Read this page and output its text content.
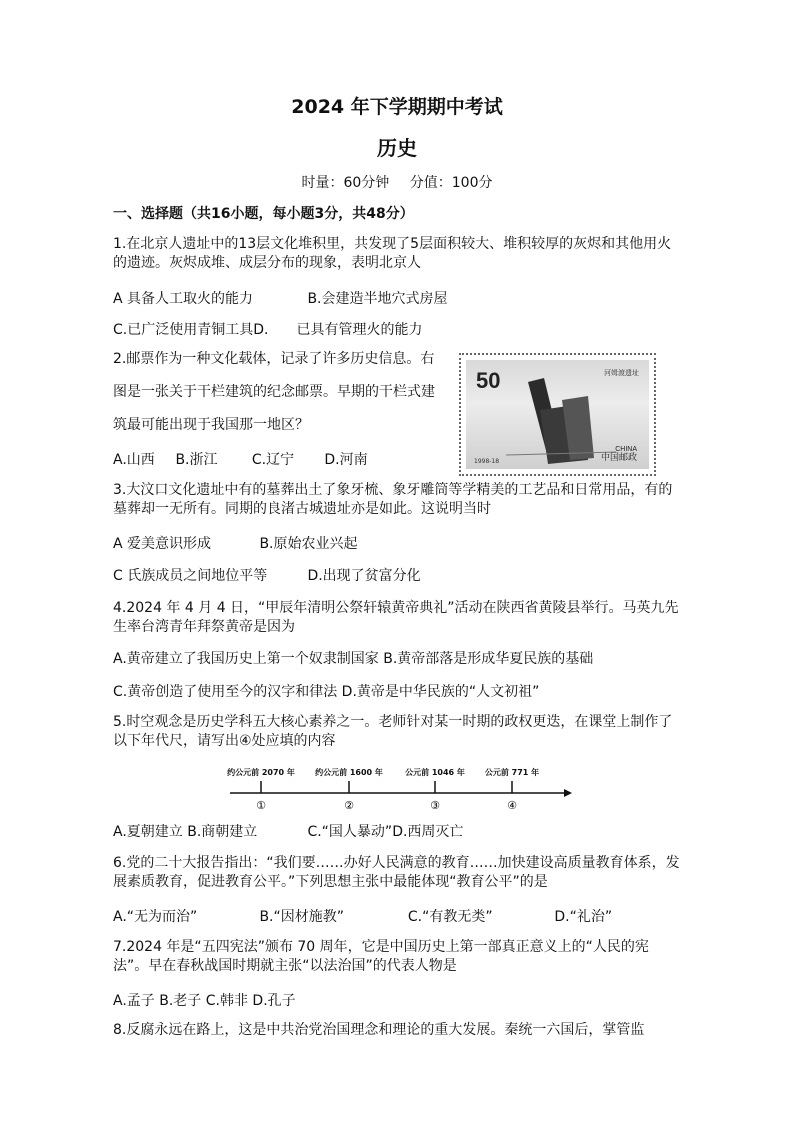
2024 年下学期期中考试
历史
时量：60分钟 分值：100分
一、选择题（共16小题，每小题3分，共48分）
1.在北京人遗址中的13层文化堆积里，共发现了5层面积较大、堆积较厚的灰烬和其他用火的遗迹。灰烬成堆、成层分布的现象，表明北京人
A 具备人工取火的能力	B.会建造半地穴式房屋
C.已广泛使用青铜工具D.　　已具有管理火的能力
2.邮票作为一种文化载体，记录了许多历史信息。右
图是一张关于干栏建筑的纪念邮票。早期的干栏式建
筑最可能出现于我国那一地区？
A.山西 B.浙江 C.辽宁 D.河南
50	河姆渡遗址
CHINA
中国邮政
1998-18
3.大汶口文化遗址中有的墓葬出土了象牙梳、象牙雕筒等学精美的工艺品和日常用品，有的墓葬却一无所有。同期的良渚古城遗址亦是如此。这说明当时
A 爱美意识形成	B.原始农业兴起
C 氏族成员之间地位平等	D.出现了贫富分化
4.2024 年 4 月 4 日，“甲辰年清明公祭轩辕黄帝典礼”活动在陕西省黄陵县举行。马英九先生率台湾青年拜祭黄帝是因为
A.黄帝建立了我国历史上第一个奴隶制国家 B.黄帝部落是形成华夏民族的基础
C.黄帝创造了使用至今的汉字和律法 D.黄帝是中华民族的“人文初祖”
5.时空观念是历史学科五大核心素养之一。老师针对某一时期的政权更迭，在课堂上制作了以下年代尺，请写出④处应填的内容
约公元前 2070 年
①
约公元前 1600 年
②
公元前 1046 年
③
公元前 771 年
④
A.夏朝建立 B.商朝建立	C.“国人暴动”D.西周灭亡
6.党的二十大报告指出：“我们要……办好人民满意的教育……加快建设高质量教育体系，发展素质教育，促进教育公平。”下列思想主张中最能体现“教育公平”的是
A.“无为而治”	B.“因材施教”	C.“有教无类”	D.“礼治”
7.2024 年是“五四宪法”颁布 70 周年，它是中国历史上第一部真正意义上的“人民的宪法”。早在春秋战国时期就主张“以法治国”的代表人物是
A.孟子 B.老子 C.韩非 D.孔子
8.反腐永远在路上，这是中共治党治国理念和理论的重大发展。秦统一六国后，掌管监
